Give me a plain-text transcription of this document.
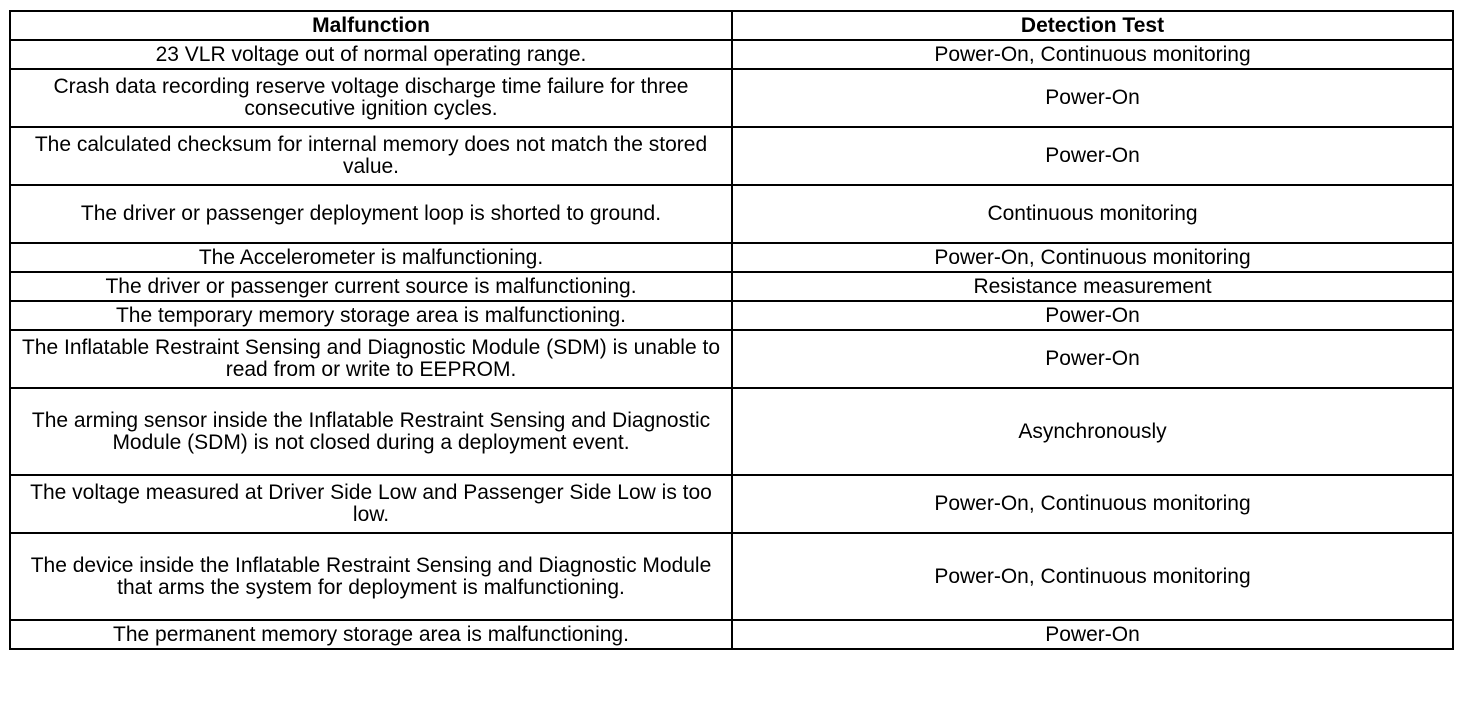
Malfunction	Detection Test
23 VLR voltage out of normal operating range.	Power-On, Continuous monitoring
Crash data recording reserve voltage discharge time failure for three consecutive ignition cycles.	Power-On
The calculated checksum for internal memory does not match the stored value.	Power-On
The driver or passenger deployment loop is shorted to ground.	Continuous monitoring
The Accelerometer is malfunctioning.	Power-On, Continuous monitoring
The driver or passenger current source is malfunctioning.	Resistance measurement
The temporary memory storage area is malfunctioning.	Power-On
The Inflatable Restraint Sensing and Diagnostic Module (SDM) is unable to read from or write to EEPROM.	Power-On
The arming sensor inside the Inflatable Restraint Sensing and Diagnostic Module (SDM) is not closed during a deployment event.	Asynchronously
The voltage measured at Driver Side Low and Passenger Side Low is too low.	Power-On, Continuous monitoring
The device inside the Inflatable Restraint Sensing and Diagnostic Module that arms the system for deployment is malfunctioning.	Power-On, Continuous monitoring
The permanent memory storage area is malfunctioning.	Power-On
